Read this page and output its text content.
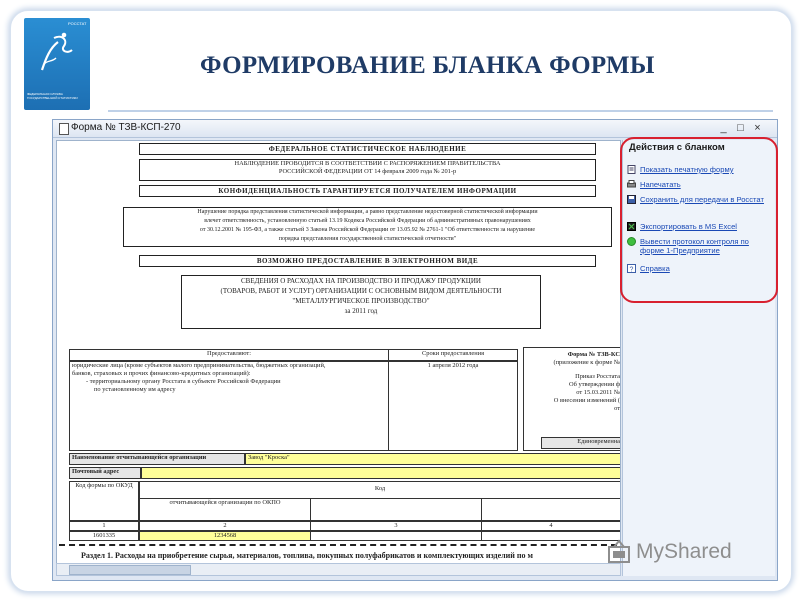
РОССТАТ
ФЕДЕРАЛЬНАЯ СЛУЖБА ГОСУДАРСТВЕННОЙ СТАТИСТИКИ
ФОРМИРОВАНИЕ БЛАНКА ФОРМЫ
Форма № ТЗВ-КСП-270	_ □ ×
ФЕДЕРАЛЬНОЕ СТАТИСТИЧЕСКОЕ НАБЛЮДЕНИЕ
НАБЛЮДЕНИЕ ПРОВОДИТСЯ В СООТВЕТСТВИИ С РАСПОРЯЖЕНИЕМ ПРАВИТЕЛЬСТВА
РОССИЙСКОЙ ФЕДЕРАЦИИ ОТ 14 февраля 2009 года № 201-р
КОНФИДЕНЦИАЛЬНОСТЬ ГАРАНТИРУЕТСЯ ПОЛУЧАТЕЛЕМ ИНФОРМАЦИИ
Нарушение порядка представления статистической информации, а равно представление недостоверной статистической информации
влечет ответственность, установленную статьей 13.19 Кодекса Российской Федерации об административных правонарушениях
от 30.12.2001 № 195-ФЗ, а также статьей 3 Закона Российской Федерации от 13.05.92 № 2761-1 "Об ответственности за нарушение
порядка представления государственной статистической отчетности"
ВОЗМОЖНО ПРЕДОСТАВЛЕНИЕ В ЭЛЕКТРОННОМ ВИДЕ
СВЕДЕНИЯ О РАСХОДАХ НА ПРОИЗВОДСТВО И ПРОДАЖУ ПРОДУКЦИИ
(ТОВАРОВ, РАБОТ И УСЛУГ) ОРГАНИЗАЦИИ С ОСНОВНЫМ ВИДОМ ДЕЯТЕЛЬНОСТИ
"МЕТАЛЛУРГИЧЕСКОЕ ПРОИЗВОДСТВО"
за 2011 год
Предоставляют:	Сроки предоставления
юридические лица (кроме субъектов малого предпринимательства, бюджетных организаций,
банков, страховых и прочих финансово-кредитных организаций):
- территориальному органу Росстата в субъекте Российской Федерации
по установленному им адресу
1 апреля 2012 года
Форма № ТЗВ-КС
(приложение к форме №
Приказ Росстата
Об утверждении ф
от 15.03.2011 №
О внесении изменений (
от
Единовременна
Наименование отчитывающейся организации	Завод "Кроска"
Почтовый адрес
Код формы по ОКУД	Код
отчитывающейся организации по ОКПО
1	2	3	4
1601335	1234568
Раздел 1. Расходы на приобретение сырья, материалов, топлива, покупных полуфабрикатов и комплектующих изделий по м
Действия с бланком
Показать печатную форму
Напечатать
Сохранить для передачи в Росстат
Экспортировать в MS Excel
Вывести протокол контроля по форме 1-Предприятие
? Справка
MyShared
